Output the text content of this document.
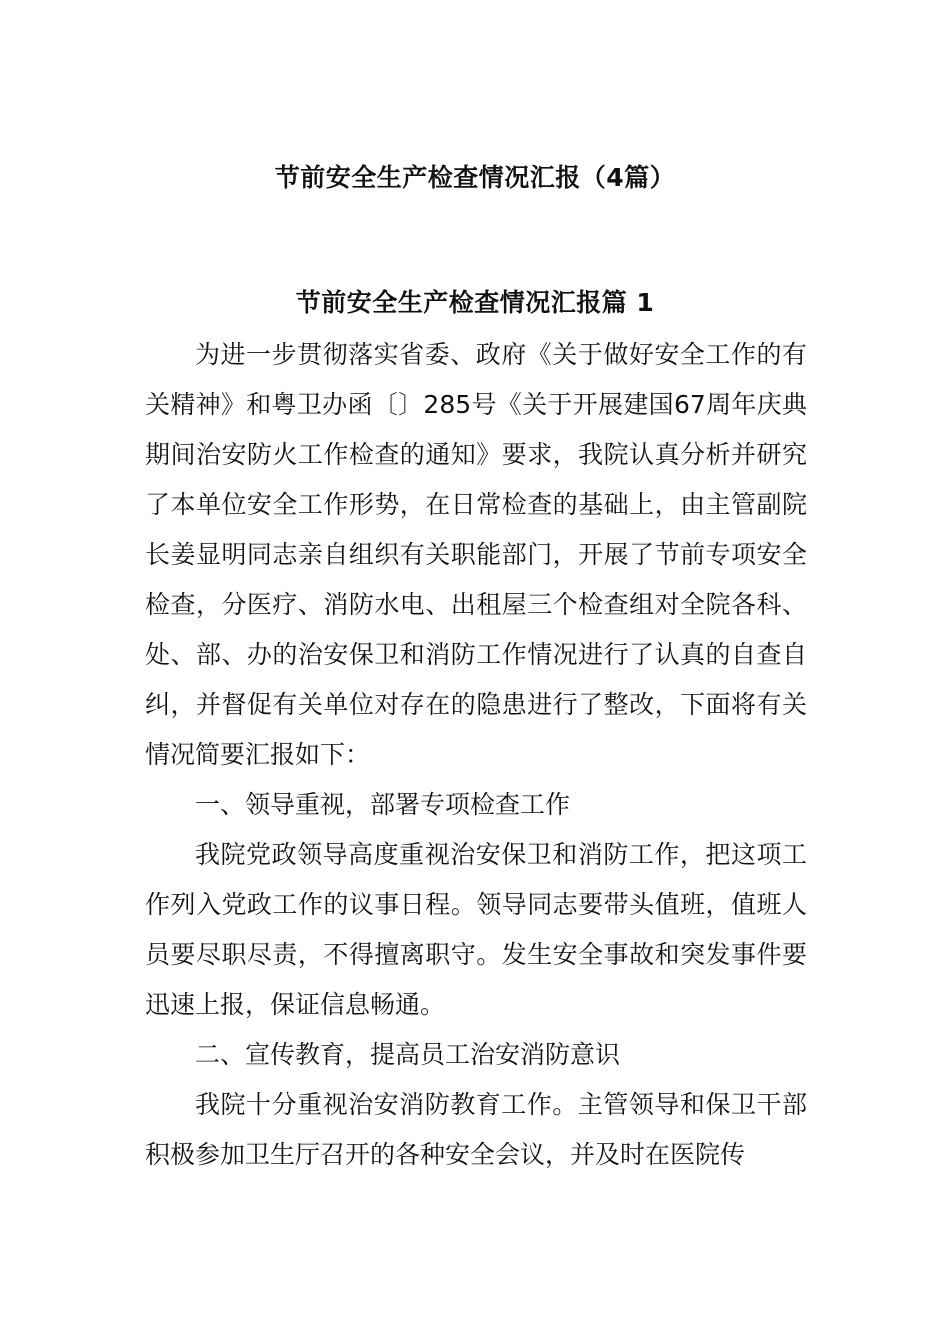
节前安全生产检查情况汇报（4篇）
节前安全生产检查情况汇报篇 1

为进一步贯彻落实省委、政府《关于做好安全工作的有关精神》和粤卫办函〔〕285号《关于开展建国67周年庆典期间治安防火工作检查的通知》要求，我院认真分析并研究了本单位安全工作形势，在日常检查的基础上，由主管副院长姜显明同志亲自组织有关职能部门，开展了节前专项安全检查，分医疗、消防水电、出租屋三个检查组对全院各科、处、部、办的治安保卫和消防工作情况进行了认真的自查自纠，并督促有关单位对存在的隐患进行了整改，下面将有关情况简要汇报如下：

一、领导重视，部署专项检查工作

我院党政领导高度重视治安保卫和消防工作，把这项工作列入党政工作的议事日程。领导同志要带头值班，值班人员要尽职尽责，不得擅离职守。发生安全事故和突发事件要迅速上报，保证信息畅通。

二、宣传教育，提高员工治安消防意识

我院十分重视治安消防教育工作。主管领导和保卫干部积极参加卫生厅召开的各种安全会议，并及时在医院传
